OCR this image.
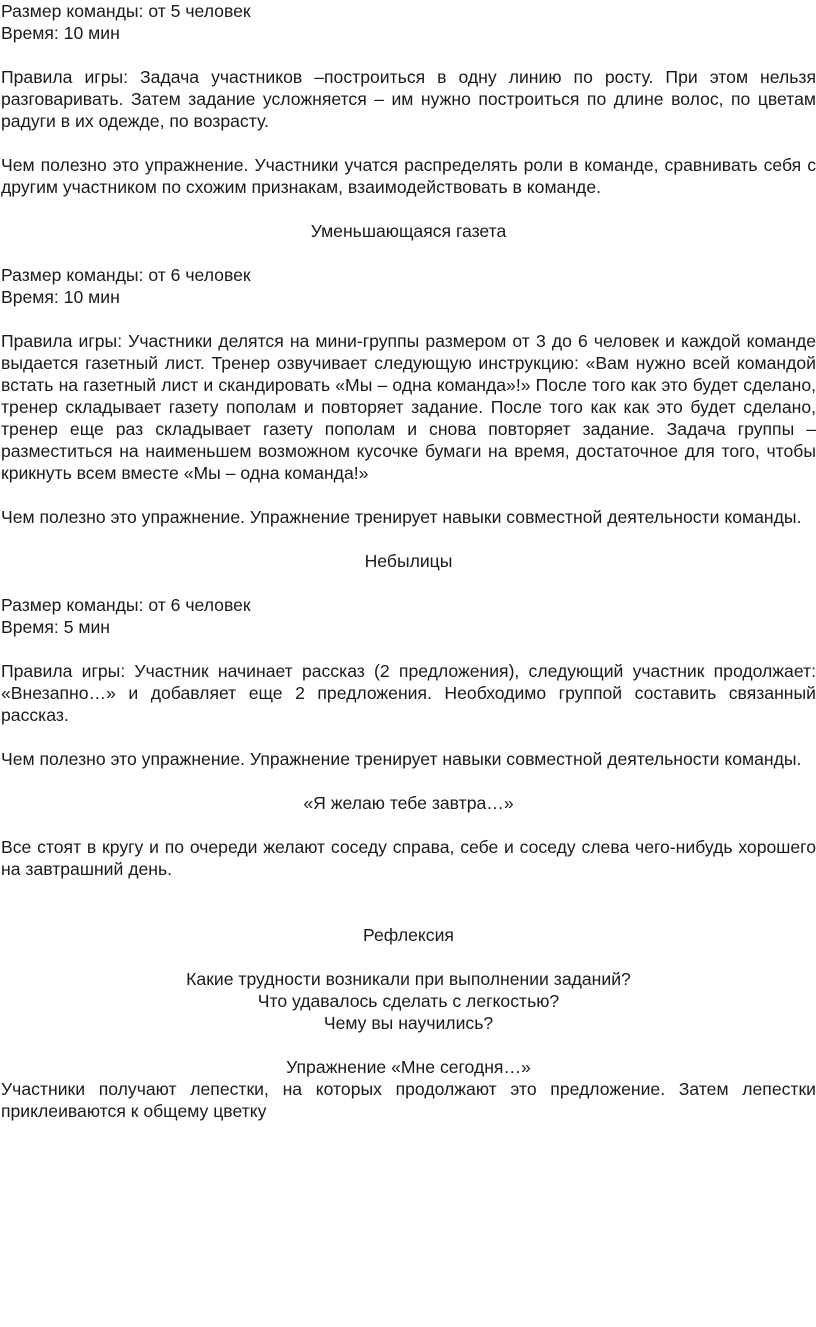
Размер команды: от 5 человек

Время: 10 мин

Правила игры: Задача участников –построиться в одну линию по росту. При этом нельзя разговаривать. Затем задание усложняется – им нужно построиться по длине волос, по цветам радуги в их одежде, по возрасту.

Чем полезно это упражнение. Участники учатся распределять роли в команде, сравнивать себя с другим участником по схожим признакам, взаимодействовать в команде.

Уменьшающаяся газета

Размер команды: от 6 человек

Время: 10 мин

Правила игры: Участники делятся на мини-группы размером от 3 до 6 человек и каждой команде выдается газетный лист. Тренер озвучивает следующую инструкцию: «Вам нужно всей командой встать на газетный лист и скандировать «Мы – одна команда»!» После того как это будет сделано, тренер складывает газету пополам и повторяет задание. После того как как это будет сделано, тренер еще раз складывает газету пополам и снова повторяет задание. Задача группы – разместиться на наименьшем возможном кусочке бумаги на время, достаточное для того, чтобы крикнуть всем вместе «Мы – одна команда!»

Чем полезно это упражнение. Упражнение тренирует навыки совместной деятельности команды.

Небылицы

Размер команды: от 6 человек

Время: 5 мин

Правила игры: Участник начинает рассказ (2 предложения), следующий участник продолжает: «Внезапно…» и добавляет еще 2 предложения. Необходимо группой составить связанный рассказ.

Чем полезно это упражнение. Упражнение тренирует навыки совместной деятельности команды.

«Я желаю тебе завтра…»

Все стоят в кругу и по очереди желают соседу справа, себе и соседу слева чего-нибудь хорошего на завтрашний день.

Рефлексия

Какие трудности возникали при выполнении заданий?

Что удавалось сделать с легкостью?

Чему вы научились?

Упражнение «Мне сегодня…»

Участники получают лепестки, на которых продолжают это предложение. Затем лепестки приклеиваются к общему цветку
